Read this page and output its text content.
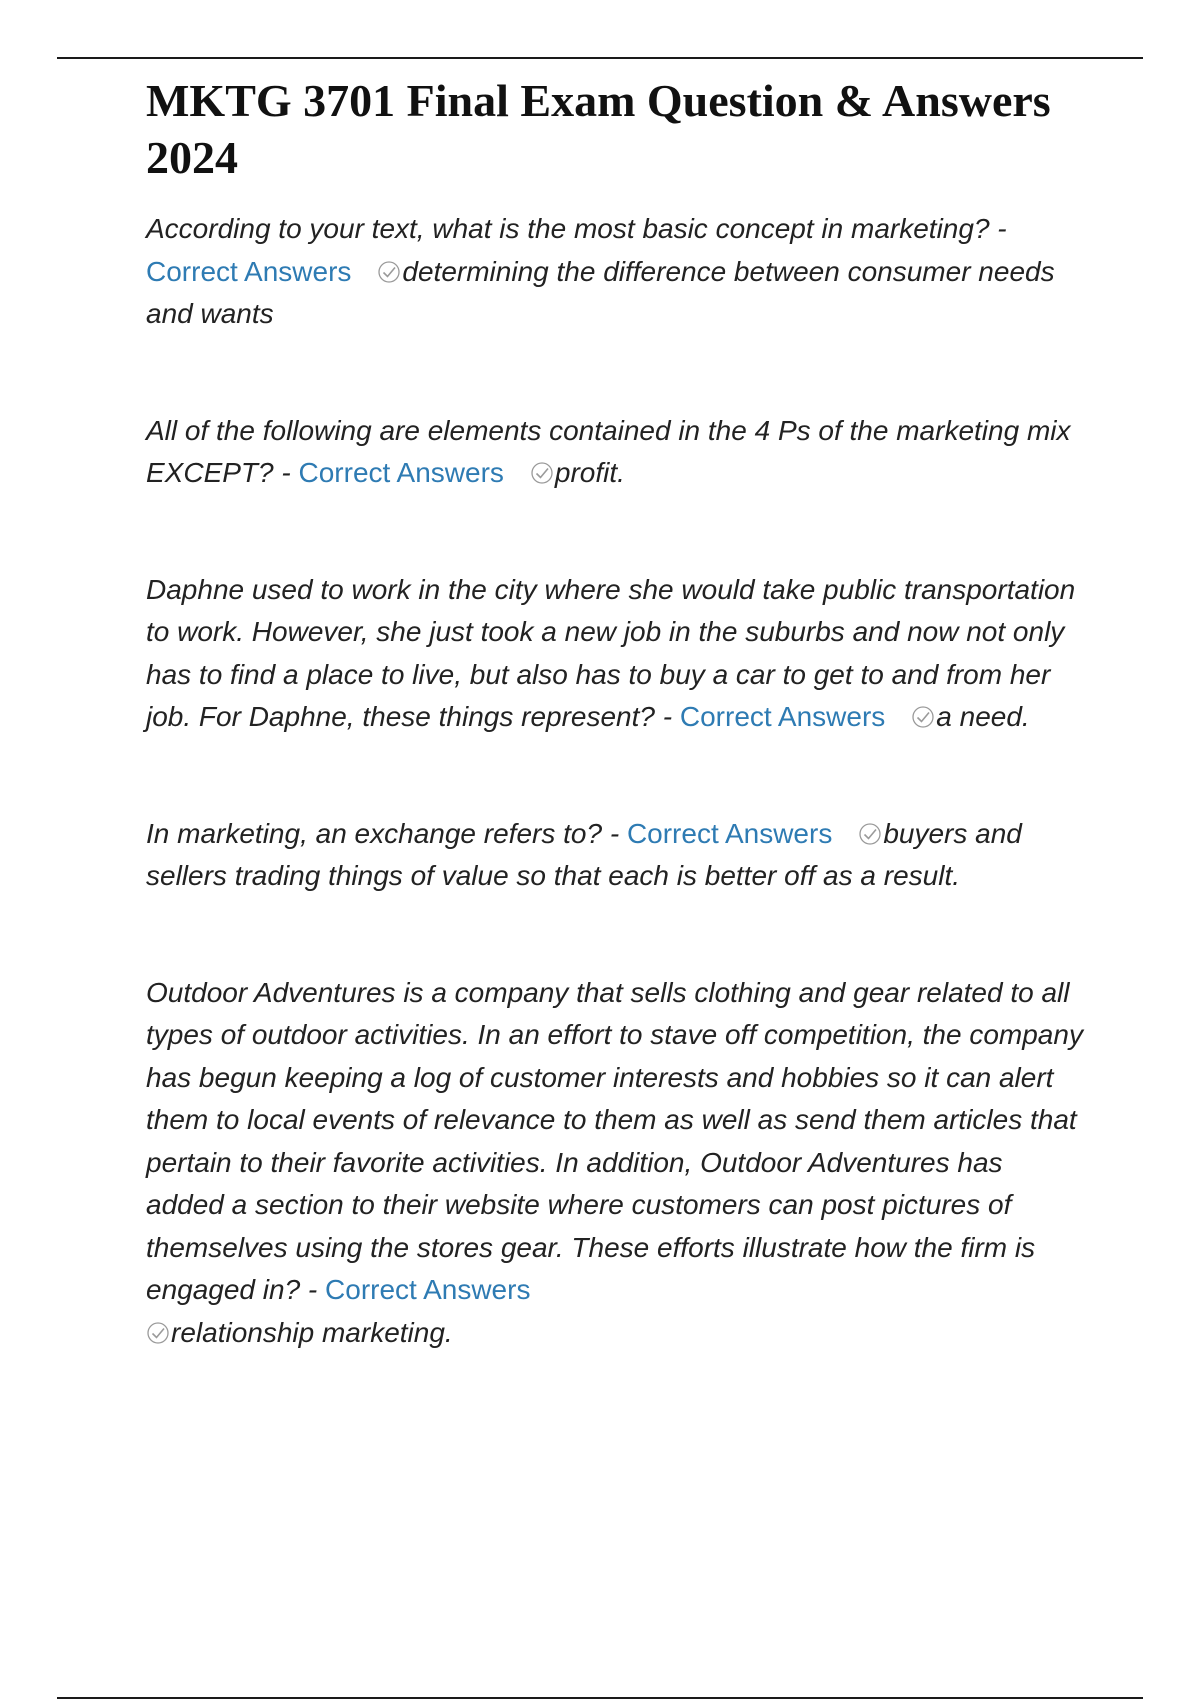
MKTG 3701 Final Exam Question & Answers 2024

According to your text, what is the most basic concept in marketing? - Correct Answers determining the difference between consumer needs and wants

All of the following are elements contained in the 4 Ps of the marketing mix EXCEPT? - Correct Answers profit.

Daphne used to work in the city where she would take public transportation to work. However, she just took a new job in the suburbs and now not only has to find a place to live, but also has to buy a car to get to and from her job. For Daphne, these things represent? - Correct Answers a need.

In marketing, an exchange refers to? - Correct Answers buyers and sellers trading things of value so that each is better off as a result.

Outdoor Adventures is a company that sells clothing and gear related to all types of outdoor activities. In an effort to stave off competition, the company has begun keeping a log of customer interests and hobbies so it can alert them to local events of relevance to them as well as send them articles that pertain to their favorite activities. In addition, Outdoor Adventures has added a section to their website where customers can post pictures of themselves using the stores gear. These efforts illustrate how the firm is engaged in? - Correct Answers

relationship marketing.
